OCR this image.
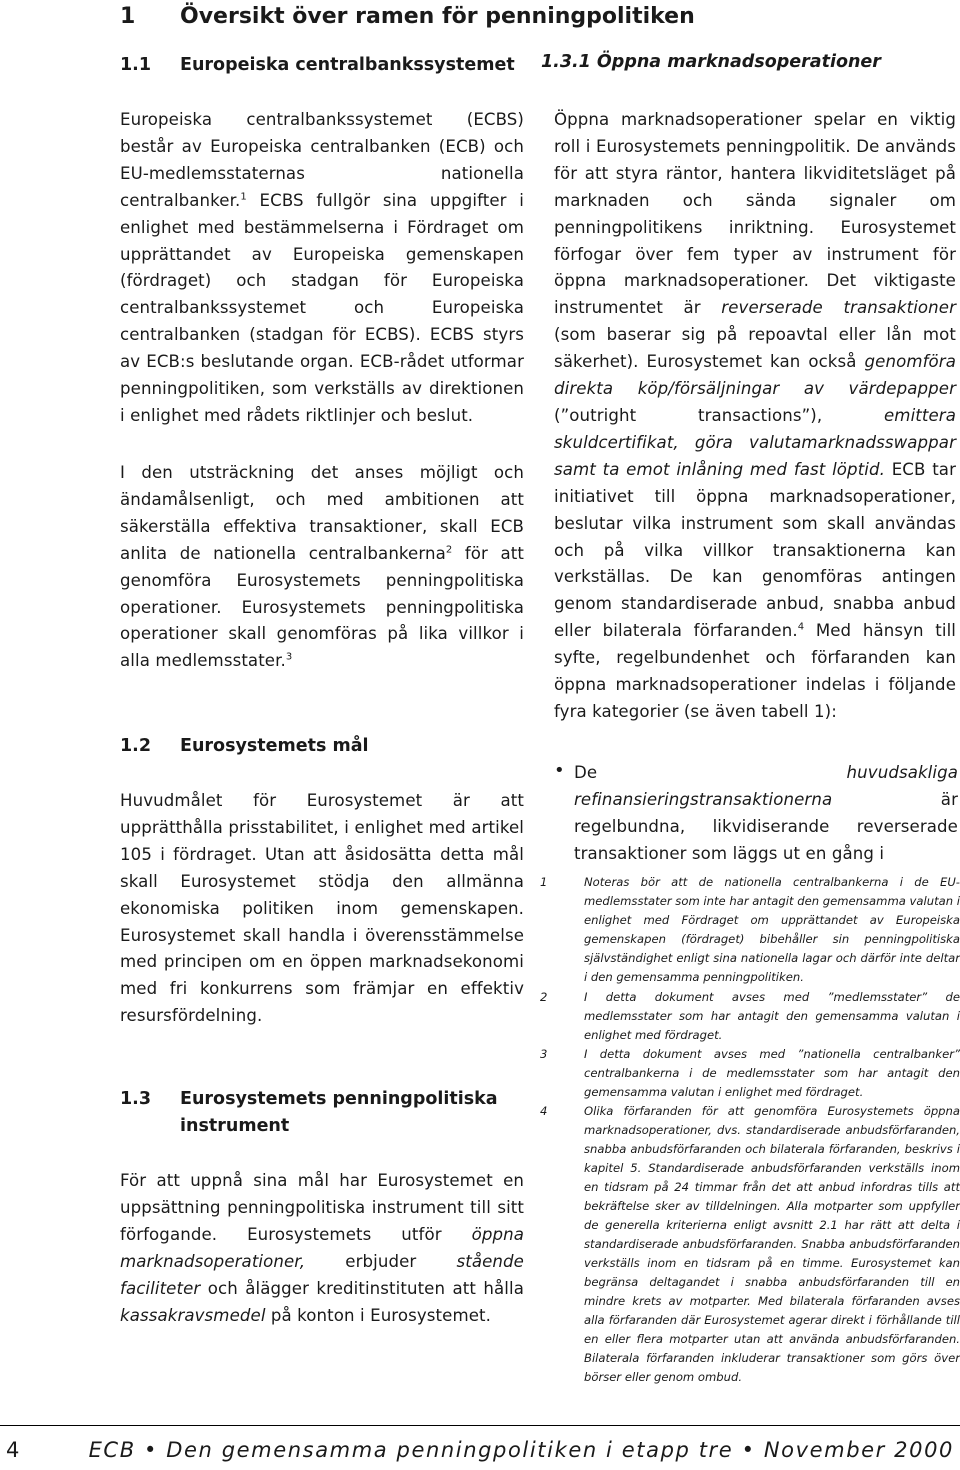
1 Översikt över ramen för penningpolitiken
1.1 Europeiska centralbankssystemet
Europeiska centralbankssystemet (ECBS) består av Europeiska centralbanken (ECB) och EU-medlemsstaternas nationella centralbanker.$^1$ ECBS fullgör sina uppgifter i enlighet med bestämmelserna i Fördraget om upprättandet av Europeiska gemenskapen (fördraget) och stadgan för Europeiska centralbankssystemet och Europeiska centralbanken (stadgan för ECBS). ECBS styrs av ECB:s beslutande organ. ECB-rådet utformar penningpolitiken, som verkställs av direktionen i enlighet med rådets riktlinjer och beslut.
I den utsträckning det anses möjligt och ändamålsenligt, och med ambitionen att säkerställa effektiva transaktioner, skall ECB anlita de nationella centralbankerna$^2$ för att genomföra Eurosystemets penningpolitiska operationer. Eurosystemets penningpolitiska operationer skall genomföras på lika villkor i alla medlemsstater.$^3$
1.2 Eurosystemets mål
Huvudmålet för Eurosystemet är att upprätthålla prisstabilitet, i enlighet med artikel 105 i fördraget. Utan att åsidosätta detta mål skall Eurosystemet stödja den allmänna ekonomiska politiken inom gemenskapen. Eurosystemet skall handla i överensstämmelse med principen om en öppen marknadsekonomi med fri konkurrens som främjar en effektiv resursfördelning.
1.3 Eurosystemets penningpolitiska instrument
För att uppnå sina mål har Eurosystemet en uppsättning penningpolitiska instrument till sitt förfogande. Eurosystemets utför öppna marknadsoperationer, erbjuder stående faciliteter och ålägger kreditinstituten att hålla kassakravsmedel på konton i Eurosystemet.
1.3.1 Öppna marknadsoperationer
Öppna marknadsoperationer spelar en viktig roll i Eurosystemets penningpolitik. De används för att styra räntor, hantera likviditetsläget på marknaden och sända signaler om penningpolitikens inriktning. Eurosystemet förfogar över fem typer av instrument för öppna marknadsoperationer. Det viktigaste instrumentet är reverserade transaktioner (som baserar sig på repoavtal eller lån mot säkerhet). Eurosystemet kan också genomföra direkta köp/försäljningar av värdepapper (”outright transactions”), emittera skuldcertifikat, göra valutamarknadsswappar samt ta emot inlåning med fast löptid. ECB tar initiativet till öppna marknadsoperationer, beslutar vilka instrument som skall användas och på vilka villkor transaktionerna kan verkställas. De kan genomföras antingen genom standardiserade anbud, snabba anbud eller bilaterala förfaranden.$^4$ Med hänsyn till syfte, regelbundenhet och förfaranden kan öppna marknadsoperationer indelas i följande fyra kategorier (se även tabell 1):
• De huvudsakliga refinansieringstransaktionerna är regelbundna, likvidiserande reverserade transaktioner som läggs ut en gång i
1	Noteras bör att de nationella centralbankerna i de EU-medlemsstater som inte har antagit den gemensamma valutan i enlighet med Fördraget om upprättandet av Europeiska gemenskapen (fördraget) bibehåller sin penningpolitiska självständighet enligt sina nationella lagar och därför inte deltar i den gemensamma penningpolitiken.
2	I detta dokument avses med ”medlemsstater” de medlemsstater som har antagit den gemensamma valutan i enlighet med fördraget.
3	I detta dokument avses med ”nationella centralbanker” centralbankerna i de medlemsstater som har antagit den gemensamma valutan i enlighet med fördraget.
4	Olika förfaranden för att genomföra Eurosystemets öppna marknadsoperationer, dvs. standardiserade anbudsförfaranden, snabba anbudsförfaranden och bilaterala förfaranden, beskrivs i kapitel 5. Standardiserade anbudsförfaranden verkställs inom en tidsram på 24 timmar från det att anbud infordras tills att bekräftelse sker av tilldelningen. Alla motparter som uppfyller de generella kriterierna enligt avsnitt 2.1 har rätt att delta i standardiserade anbudsförfaranden. Snabba anbudsförfaranden verkställs inom en tidsram på en timme. Eurosystemet kan begränsa deltagandet i snabba anbudsförfaranden till en mindre krets av motparter. Med bilaterala förfaranden avses alla förfaranden där Eurosystemet agerar direkt i förhållande till en eller flera motparter utan att använda anbudsförfaranden. Bilaterala förfaranden inkluderar transaktioner som görs över börser eller genom ombud.
4	ECB • Den gemensamma penningpolitiken i etapp tre • November 2000
